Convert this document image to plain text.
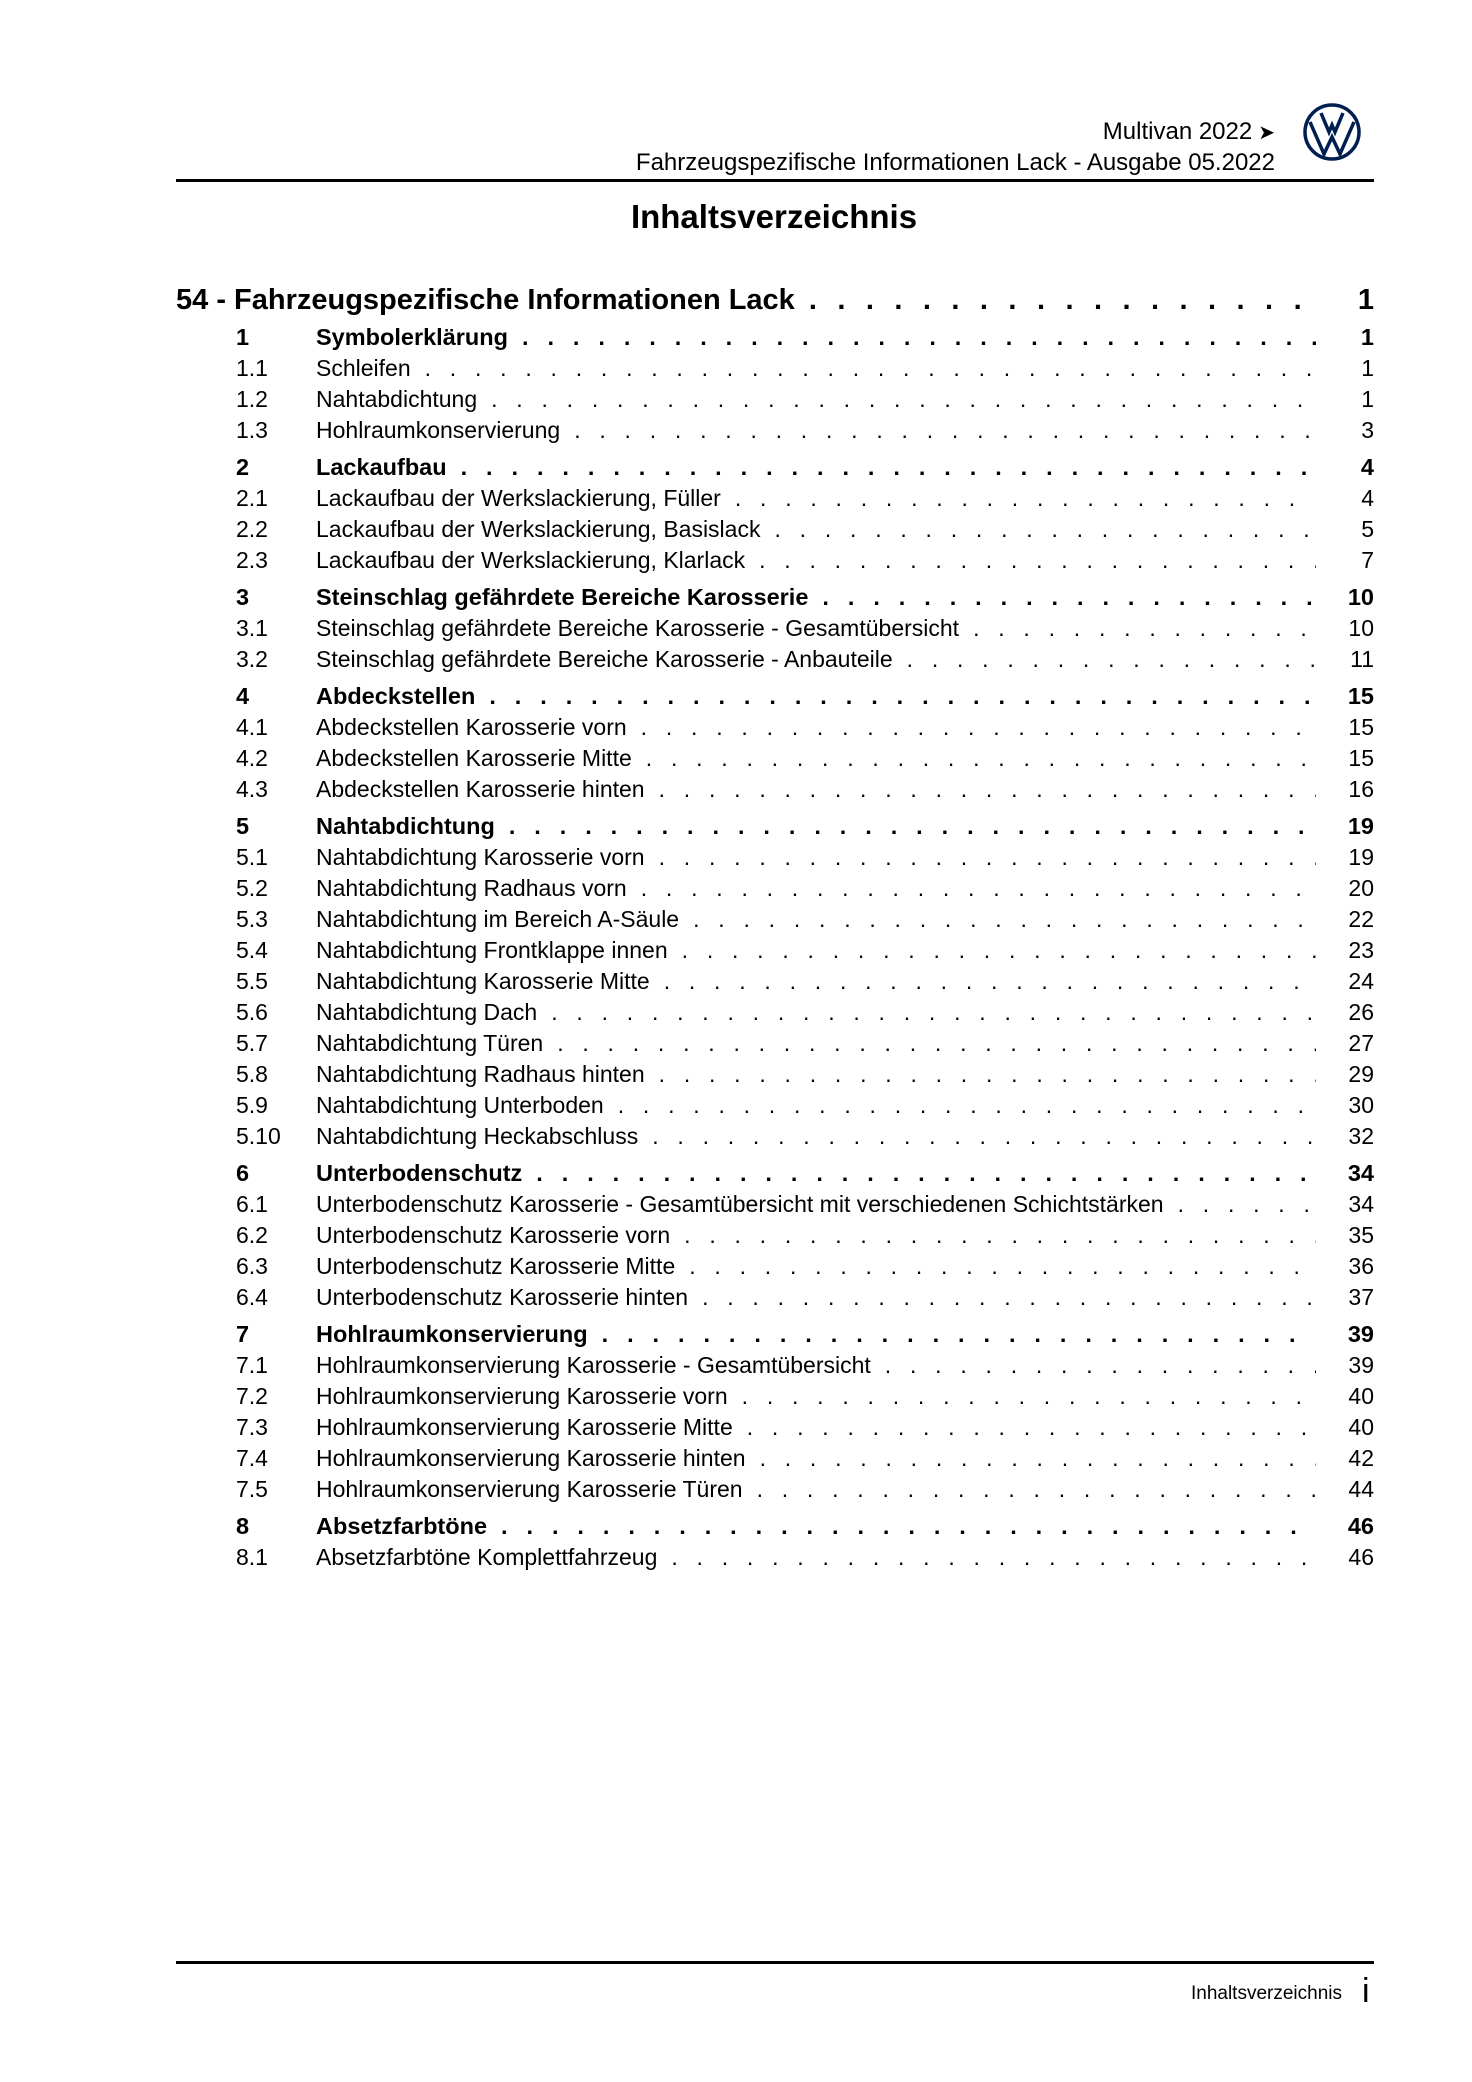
Multivan 2022 ➤
Fahrzeugspezifische Informationen Lack - Ausgabe 05.2022
Inhaltsverzeichnis
54 - Fahrzeugspezifische Informationen Lack . . .	1
1	Symbolerklärung . . .	1
1.1	Schleifen . . .	1
1.2	Nahtabdichtung . . .	1
1.3	Hohlraumkonservierung . . .	3
2	Lackaufbau . . .	4
2.1	Lackaufbau der Werkslackierung, Füller . . .	4
2.2	Lackaufbau der Werkslackierung, Basislack . . .	5
2.3	Lackaufbau der Werkslackierung, Klarlack . . .	7
3	Steinschlag gefährdete Bereiche Karosserie . . .	10
3.1	Steinschlag gefährdete Bereiche Karosserie - Gesamtübersicht . . .	10
3.2	Steinschlag gefährdete Bereiche Karosserie - Anbauteile . . .	11
4	Abdeckstellen . . .	15
4.1	Abdeckstellen Karosserie vorn . . .	15
4.2	Abdeckstellen Karosserie Mitte . . .	15
4.3	Abdeckstellen Karosserie hinten . . .	16
5	Nahtabdichtung . . .	19
5.1	Nahtabdichtung Karosserie vorn . . .	19
5.2	Nahtabdichtung Radhaus vorn . . .	20
5.3	Nahtabdichtung im Bereich A-Säule . . .	22
5.4	Nahtabdichtung Frontklappe innen . . .	23
5.5	Nahtabdichtung Karosserie Mitte . . .	24
5.6	Nahtabdichtung Dach . . .	26
5.7	Nahtabdichtung Türen . . .	27
5.8	Nahtabdichtung Radhaus hinten . . .	29
5.9	Nahtabdichtung Unterboden . . .	30
5.10	Nahtabdichtung Heckabschluss . . .	32
6	Unterbodenschutz . . .	34
6.1	Unterbodenschutz Karosserie - Gesamtübersicht mit verschiedenen Schichtstärken . . .	34
6.2	Unterbodenschutz Karosserie vorn . . .	35
6.3	Unterbodenschutz Karosserie Mitte . . .	36
6.4	Unterbodenschutz Karosserie hinten . . .	37
7	Hohlraumkonservierung . . .	39
7.1	Hohlraumkonservierung Karosserie - Gesamtübersicht . . .	39
7.2	Hohlraumkonservierung Karosserie vorn . . .	40
7.3	Hohlraumkonservierung Karosserie Mitte . . .	40
7.4	Hohlraumkonservierung Karosserie hinten . . .	42
7.5	Hohlraumkonservierung Karosserie Türen . . .	44
8	Absetzfarbtöne . . .	46
8.1	Absetzfarbtöne Komplettfahrzeug . . .	46
Inhaltsverzeichnis i
